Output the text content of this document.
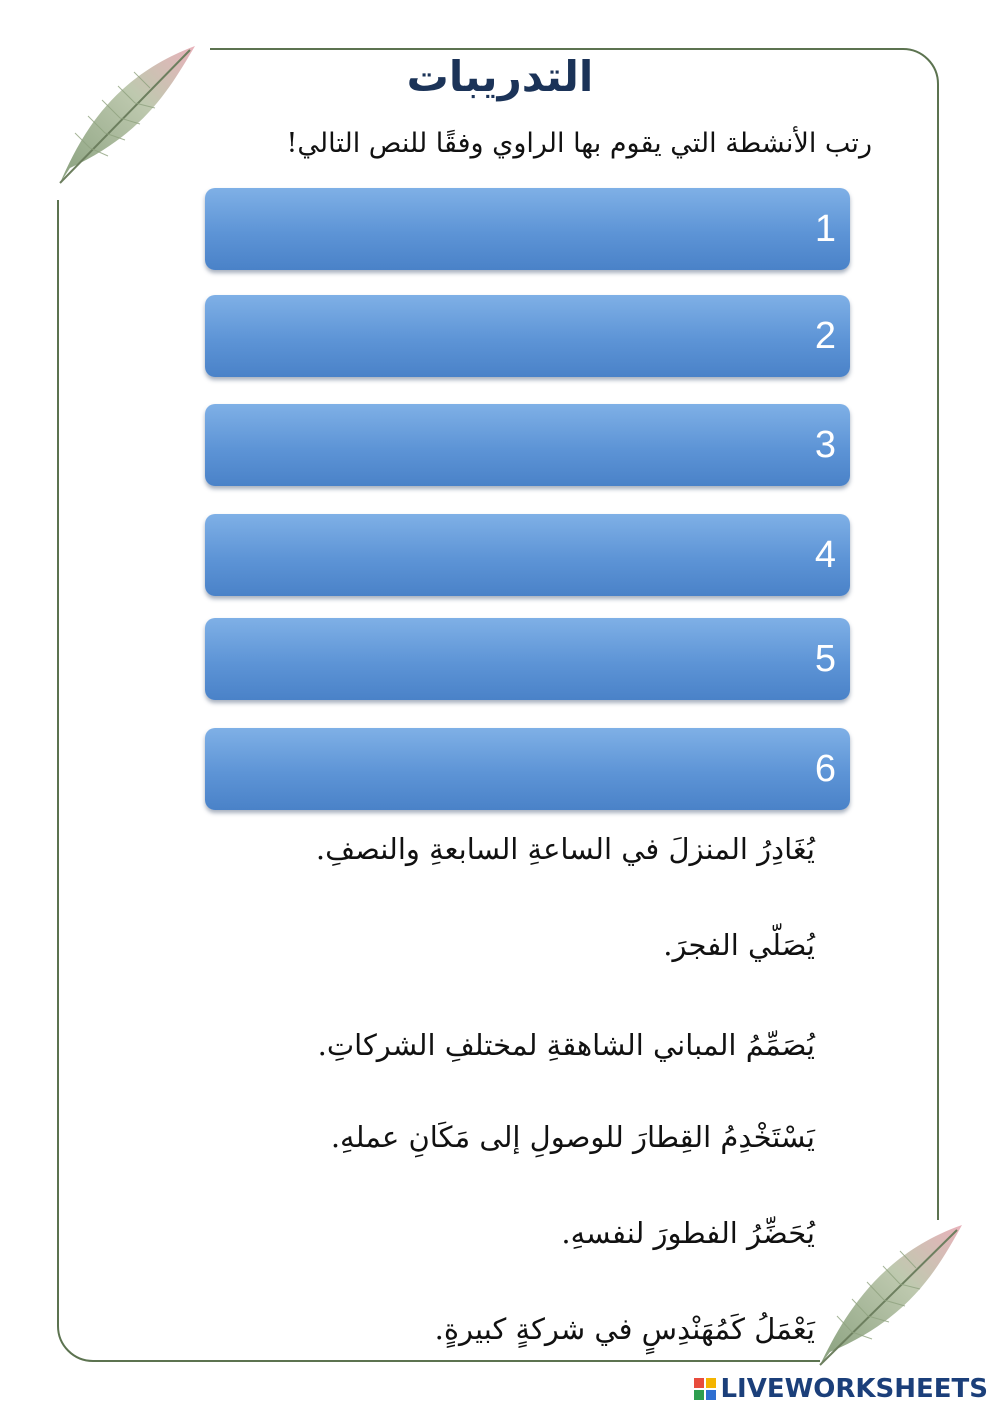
التدريبات
رتب الأنشطة التي يقوم بها الراوي وفقًا للنص التالي!
1
2
3
4
5
6
يُغَادِرُ المنزلَ في الساعةِ السابعةِ والنصفِ.
يُصَلّي الفجرَ.
يُصَمِّمُ المباني الشاهقةِ لمختلفِ الشركاتِ.
يَسْتَخْدِمُ القِطارَ للوصولِ إلى مَكَانِ عملهِ.
يُحَضِّرُ الفطورَ لنفسهِ.
يَعْمَلُ كَمُهَنْدِسٍ في شركةٍ كبيرةٍ.
LIVEWORKSHEETS
